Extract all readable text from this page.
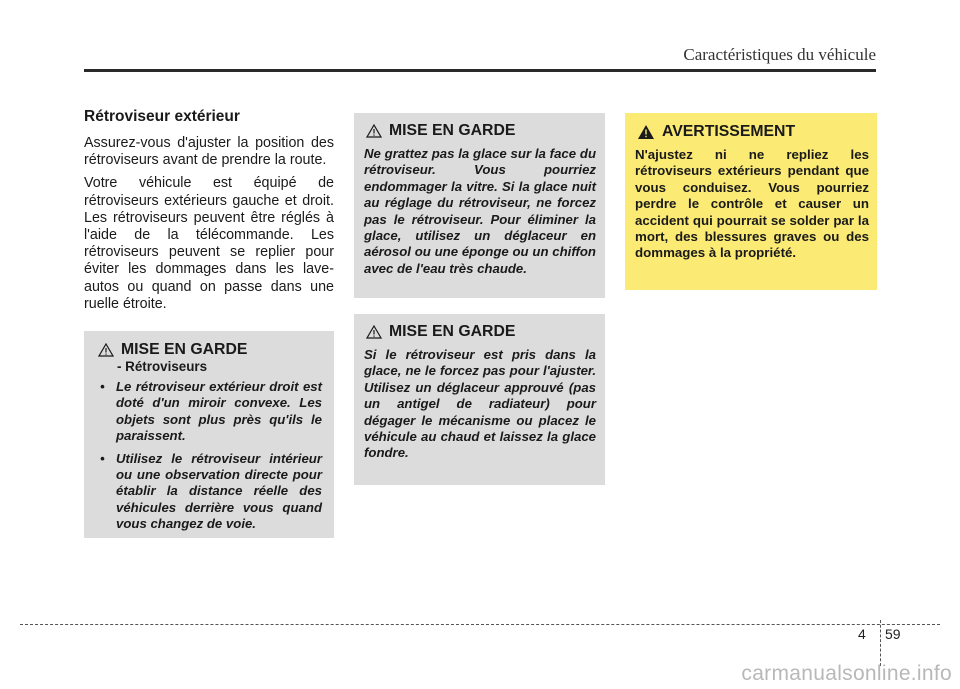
Caractéristiques du véhicule
Rétroviseur extérieur

Assurez-vous d'ajuster la position des rétroviseurs avant de prendre la route.

Votre véhicule est équipé de rétroviseurs extérieurs gauche et droit. Les rétroviseurs peuvent être réglés à l'aide de la télécommande. Les rétroviseurs peuvent se replier pour éviter les dommages dans les lave-autos ou quand on passe dans une ruelle étroite.

MISE EN GARDE
- Rétroviseurs
• Le rétroviseur extérieur droit est doté d'un miroir convexe. Les objets sont plus près qu'ils le paraissent.
• Utilisez le rétroviseur intérieur ou une observation directe pour établir la distance réelle des véhicules derrière vous quand vous changez de voie.
MISE EN GARDE
Ne grattez pas la glace sur la face du rétroviseur. Vous pourriez endommager la vitre. Si la glace nuit au réglage du rétroviseur, ne forcez pas le rétroviseur. Pour éliminer la glace, utilisez un déglaceur en aérosol ou une éponge ou un chiffon avec de l'eau très chaude.
MISE EN GARDE
Si le rétroviseur est pris dans la glace, ne le forcez pas pour l'ajuster. Utilisez un déglaceur approuvé (pas un antigel de radiateur) pour dégager le mécanisme ou placez le véhicule au chaud et laissez la glace fondre.
AVERTISSEMENT
N'ajustez ni ne repliez les rétroviseurs extérieurs pendant que vous conduisez. Vous pourriez perdre le contrôle et causer un accident qui pourrait se solder par la mort, des blessures graves ou des dommages à la propriété.
4 59
carmanualsonline.info
